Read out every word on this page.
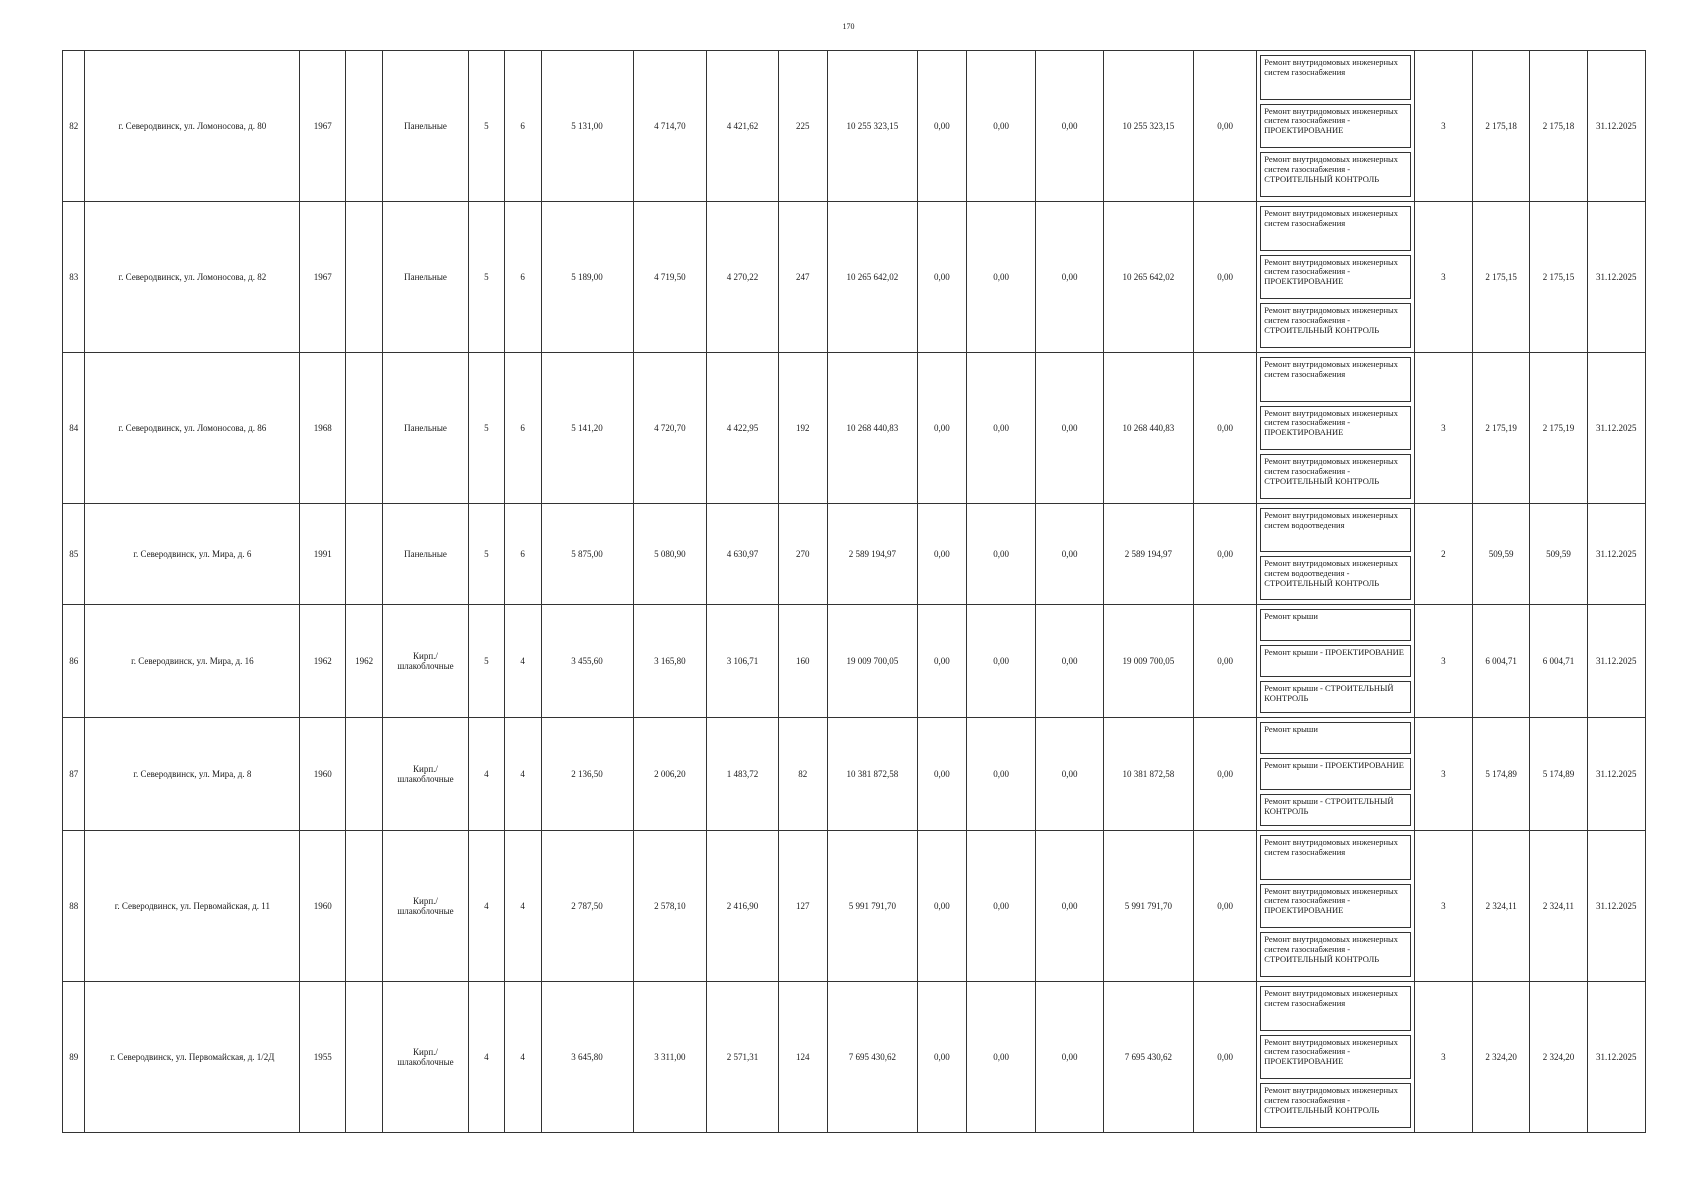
170
82	г. Северодвинск, ул. Ломоносова, д. 80	1967		Панельные	5	6	5 131,00	4 714,70	4 421,62	225	10 255 323,15	0,00	0,00	0,00	10 255 323,15	0,00	Ремонт внутридомовых инженерных систем газоснабжения
Ремонт внутридомовых инженерных систем газоснабжения - ПРОЕКТИРОВАНИЕ
Ремонт внутридомовых инженерных систем газоснабжения - СТРОИТЕЛЬНЫЙ КОНТРОЛЬ	3	2 175,18	2 175,18	31.12.2025
83	г. Северодвинск, ул. Ломоносова, д. 82	1967		Панельные	5	6	5 189,00	4 719,50	4 270,22	247	10 265 642,02	0,00	0,00	0,00	10 265 642,02	0,00	Ремонт внутридомовых инженерных систем газоснабжения
Ремонт внутридомовых инженерных систем газоснабжения - ПРОЕКТИРОВАНИЕ
Ремонт внутридомовых инженерных систем газоснабжения - СТРОИТЕЛЬНЫЙ КОНТРОЛЬ	3	2 175,15	2 175,15	31.12.2025
84	г. Северодвинск, ул. Ломоносова, д. 86	1968		Панельные	5	6	5 141,20	4 720,70	4 422,95	192	10 268 440,83	0,00	0,00	0,00	10 268 440,83	0,00	Ремонт внутридомовых инженерных систем газоснабжения
Ремонт внутридомовых инженерных систем газоснабжения - ПРОЕКТИРОВАНИЕ
Ремонт внутридомовых инженерных систем газоснабжения - СТРОИТЕЛЬНЫЙ КОНТРОЛЬ	3	2 175,19	2 175,19	31.12.2025
85	г. Северодвинск, ул. Мира, д. 6	1991		Панельные	5	6	5 875,00	5 080,90	4 630,97	270	2 589 194,97	0,00	0,00	0,00	2 589 194,97	0,00	Ремонт внутридомовых инженерных систем водоотведения
Ремонт внутридомовых инженерных систем водоотведения - СТРОИТЕЛЬНЫЙ КОНТРОЛЬ	2	509,59	509,59	31.12.2025
86	г. Северодвинск, ул. Мира, д. 16	1962	1962	Кирп./шлакоблочные	5	4	3 455,60	3 165,80	3 106,71	160	19 009 700,05	0,00	0,00	0,00	19 009 700,05	0,00	Ремонт крыши
Ремонт крыши - ПРОЕКТИРОВАНИЕ
Ремонт крыши - СТРОИТЕЛЬНЫЙ КОНТРОЛЬ	3	6 004,71	6 004,71	31.12.2025
87	г. Северодвинск, ул. Мира, д. 8	1960		Кирп./шлакоблочные	4	4	2 136,50	2 006,20	1 483,72	82	10 381 872,58	0,00	0,00	0,00	10 381 872,58	0,00	Ремонт крыши
Ремонт крыши - ПРОЕКТИРОВАНИЕ
Ремонт крыши - СТРОИТЕЛЬНЫЙ КОНТРОЛЬ	3	5 174,89	5 174,89	31.12.2025
88	г. Северодвинск, ул. Первомайская, д. 11	1960		Кирп./шлакоблочные	4	4	2 787,50	2 578,10	2 416,90	127	5 991 791,70	0,00	0,00	0,00	5 991 791,70	0,00	Ремонт внутридомовых инженерных систем газоснабжения
Ремонт внутридомовых инженерных систем газоснабжения - ПРОЕКТИРОВАНИЕ
Ремонт внутридомовых инженерных систем газоснабжения - СТРОИТЕЛЬНЫЙ КОНТРОЛЬ	3	2 324,11	2 324,11	31.12.2025
89	г. Северодвинск, ул. Первомайская, д. 1/2Д	1955		Кирп./шлакоблочные	4	4	3 645,80	3 311,00	2 571,31	124	7 695 430,62	0,00	0,00	0,00	7 695 430,62	0,00	Ремонт внутридомовых инженерных систем газоснабжения
Ремонт внутридомовых инженерных систем газоснабжения - ПРОЕКТИРОВАНИЕ
Ремонт внутридомовых инженерных систем газоснабжения - СТРОИТЕЛЬНЫЙ КОНТРОЛЬ	3	2 324,20	2 324,20	31.12.2025
